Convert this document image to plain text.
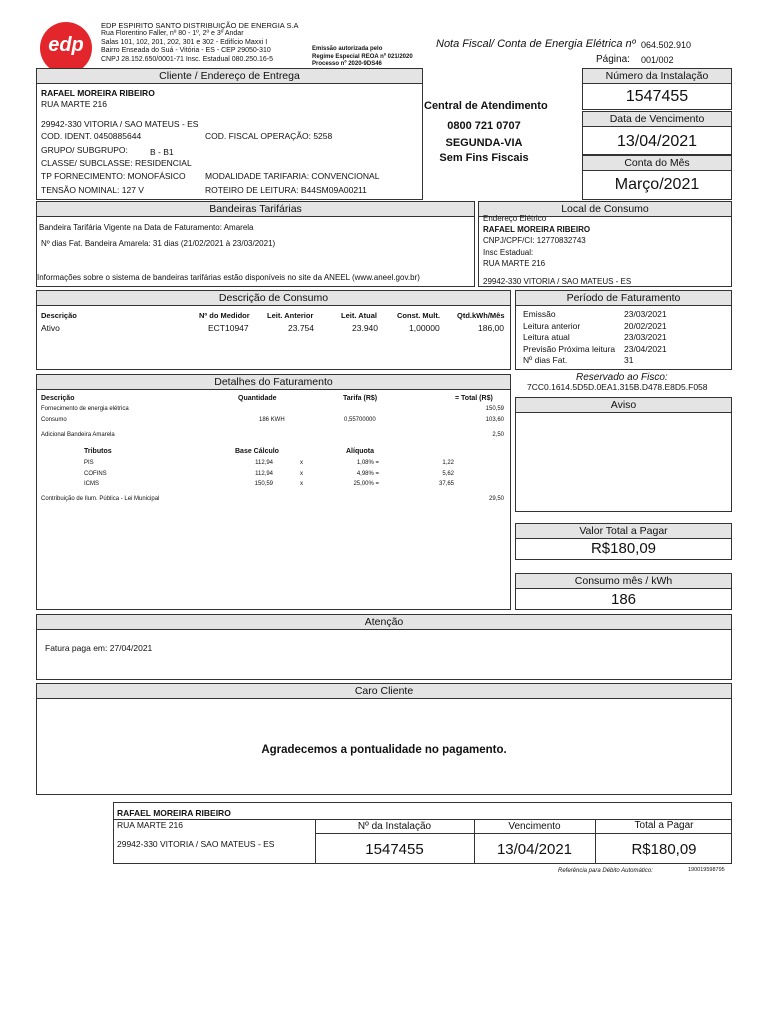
edp
EDP ESPIRITO SANTO DISTRIBUIÇÃO DE ENERGIA S.A
Rua Florentino Faller, nº 80 - 1º, 2º e 3º Andar
Salas 101, 102, 201, 202, 301 e 302 - Edifício Maxxi I
Bairro Enseada do Suá - Vitória - ES - CEP 29050-310
CNPJ 28.152.650/0001-71 Insc. Estadual 080.250.16-5
Emissão autorizada pelo
Regime Especial REOA nº 021/2020
Processo nº 2020-9DS46
Nota Fiscal/ Conta de Energia Elétrica nº 064.502.910
Página: 001/002
Cliente / Endereço de Entrega
RAFAEL MOREIRA RIBEIRO
RUA MARTE 216
29942-330 VITORIA / SAO MATEUS - ES
COD. IDENT. 0450885644	COD. FISCAL OPERAÇÃO: 5258
GRUPO/ SUBGRUPO:	B - B1
CLASSE/ SUBCLASSE: RESIDENCIAL
TP FORNECIMENTO: MONOFÁSICO MODALIDADE TARIFARIA: CONVENCIONAL
TENSÃO NOMINAL: 127 V	ROTEIRO DE LEITURA: B44SM09A00211
Central de Atendimento
0800 721 0707
SEGUNDA-VIA
Sem Fins Fiscais
Número da Instalação
1547455
Data de Vencimento
13/04/2021
Conta do Mês
Março/2021
Bandeiras Tarifárias
Bandeira Tarifária Vigente na Data de Faturamento: Amarela
Nº dias Fat. Bandeira Amarela: 31 dias (21/02/2021 à 23/03/2021)
Informações sobre o sistema de bandeiras tarifárias estão disponíveis no site da ANEEL (www.aneel.gov.br)
Local de Consumo
Endereço Elétrico
RAFAEL MOREIRA RIBEIRO
CNPJ/CPF/CI: 12770832743
Insc Estadual:
RUA MARTE 216
29942-330 VITORIA / SAO MATEUS - ES
Descrição de Consumo
Descrição	Nº do Medidor Leit. Anterior	Leit. Atual	Const. Mult. Qtd.kWh/Mês
Ativo	ECT10947	23.754	23.940	1,00000	186,00
Período de Faturamento
Emissão	23/03/2021
Leitura anterior	20/02/2021
Leitura atual	23/03/2021
Previsão Próxima leitura 23/04/2021
Nº dias Fat.	31
Reservado ao Fisco:
7CC0.1614.5D5D.0EA1.315B.D478.E8D5.F058
Detalhes do Faturamento
Descrição	Quantidade	Tarifa (R$)	= Total (R$)
Fornecimento de energia elétrica	150,59
Consumo	186 KWH	0,55700000	103,60
Adicional Bandeira Amarela	2,50
Tributos	Base Cálculo	Alíquota
PIS	112,94	x	1,08% =	1,22
COFINS	112,94	x	4,98% =	5,62
ICMS	150,59	x	25,00% =	37,65
Contribuição de Ilum. Pública - Lei Municipal	29,50
Aviso
Valor Total a Pagar
R$180,09
Consumo mês / kWh
186
Atenção
Fatura paga em: 27/04/2021
Caro Cliente
Agradecemos a pontualidade no pagamento.
RAFAEL MOREIRA RIBEIRO
RUA MARTE 216
29942-330 VITORIA / SAO MATEUS - ES
Nº da Instalação	Vencimento	Total a Pagar
1547455	13/04/2021	R$180,09
Referência para Débito Automático:	190019598795
